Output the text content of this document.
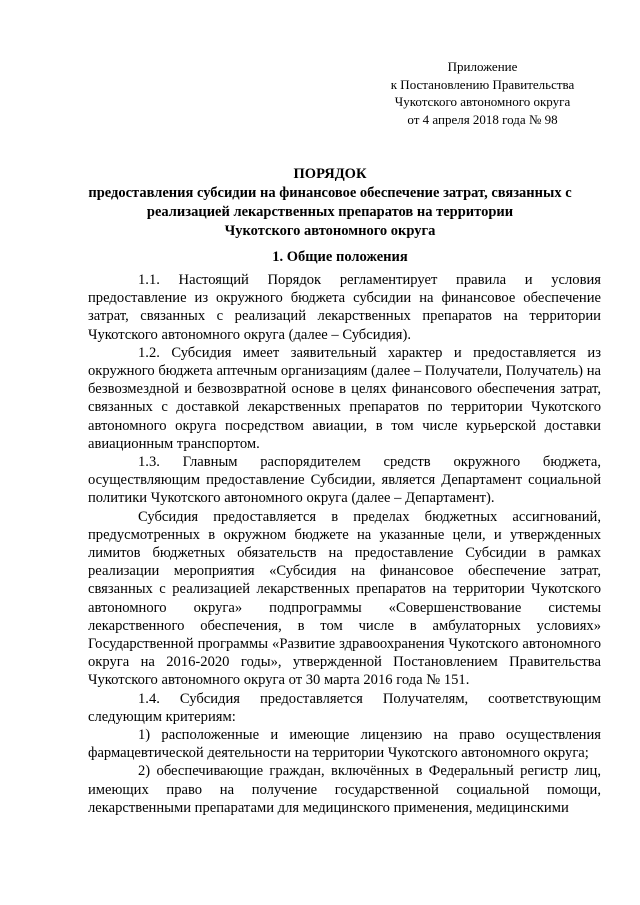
Приложение
к Постановлению Правительства
Чукотского автономного округа
от 4 апреля 2018 года № 98
ПОРЯДОК
предоставления субсидии на финансовое обеспечение затрат, связанных с
реализацией лекарственных препаратов на территории
Чукотского автономного округа
1. Общие положения

1.1. Настоящий Порядок регламентирует правила и условия предоставление из окружного бюджета субсидии на финансовое обеспечение затрат, связанных с реализаций лекарственных препаратов на территории Чукотского автономного округа (далее – Субсидия).

1.2. Субсидия имеет заявительный характер и предоставляется из окружного бюджета аптечным организациям (далее – Получатели, Получатель) на безвозмездной и безвозвратной основе в целях финансового обеспечения затрат, связанных с доставкой лекарственных препаратов по территории Чукотского автономного округа посредством авиации, в том числе курьерской доставки авиационным транспортом.

1.3. Главным распорядителем средств окружного бюджета, осуществляющим предоставление Субсидии, является Департамент социальной политики Чукотского автономного округа (далее – Департамент).

Субсидия предоставляется в пределах бюджетных ассигнований, предусмотренных в окружном бюджете на указанные цели, и утвержденных лимитов бюджетных обязательств на предоставление Субсидии в рамках реализации мероприятия «Субсидия на финансовое обеспечение затрат, связанных с реализацией лекарственных препаратов на территории Чукотского автономного округа» подпрограммы «Совершенствование системы лекарственного обеспечения, в том числе в амбулаторных условиях» Государственной программы «Развитие здравоохранения Чукотского автономного округа на 2016-2020 годы», утвержденной Постановлением Правительства Чукотского автономного округа от 30 марта 2016 года № 151.

1.4. Субсидия предоставляется Получателям, соответствующим следующим критериям:

1) расположенные и имеющие лицензию на право осуществления фармацевтической деятельности на территории Чукотского автономного округа;

2) обеспечивающие граждан, включённых в Федеральный регистр лиц, имеющих право на получение государственной социальной помощи, лекарственными препаратами для медицинского применения, медицинскими
